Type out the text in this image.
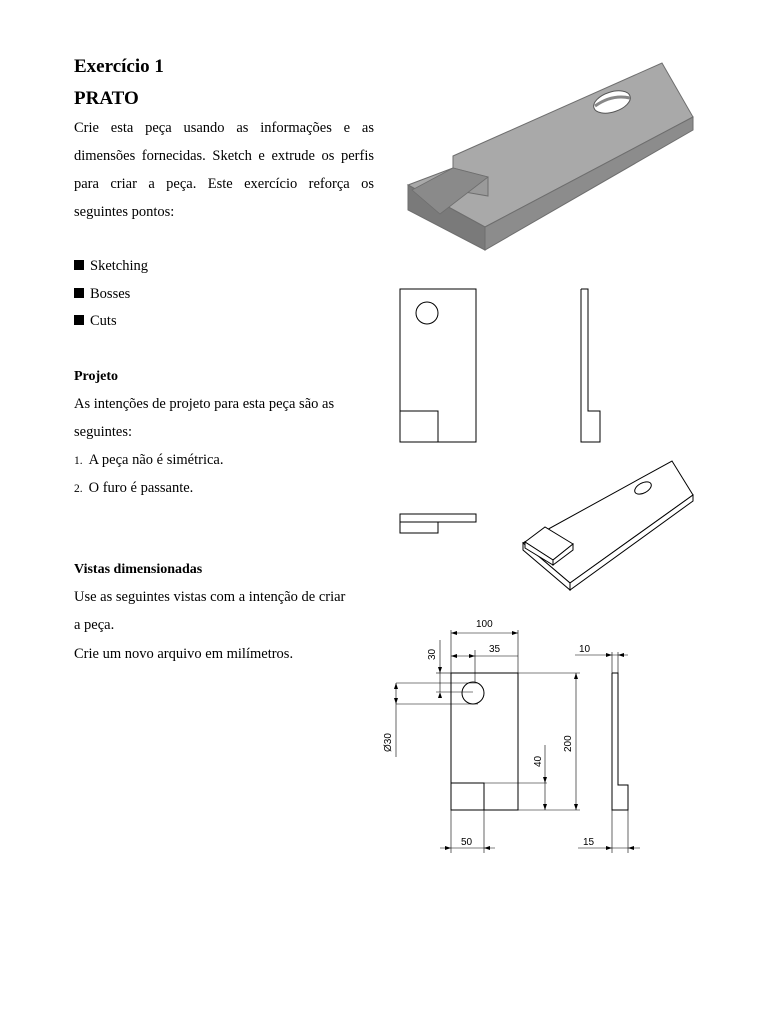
Exercício 1
PRATO
Crie esta peça usando as informações e as dimensões fornecidas. Sketch e extrude os perfis para criar a peça. Este exercício reforça os seguintes pontos:
Sketching
Bosses
Cuts
Projeto
As intenções de projeto para esta peça são as seguintes:
1. A peça não é simétrica.
2. O furo é passante.
Vistas dimensionadas
Use as seguintes vistas com a intenção de criar a peça.
Crie um novo arquivo em milímetros.
100
35	10
50	15
30
Ø30	200
40
